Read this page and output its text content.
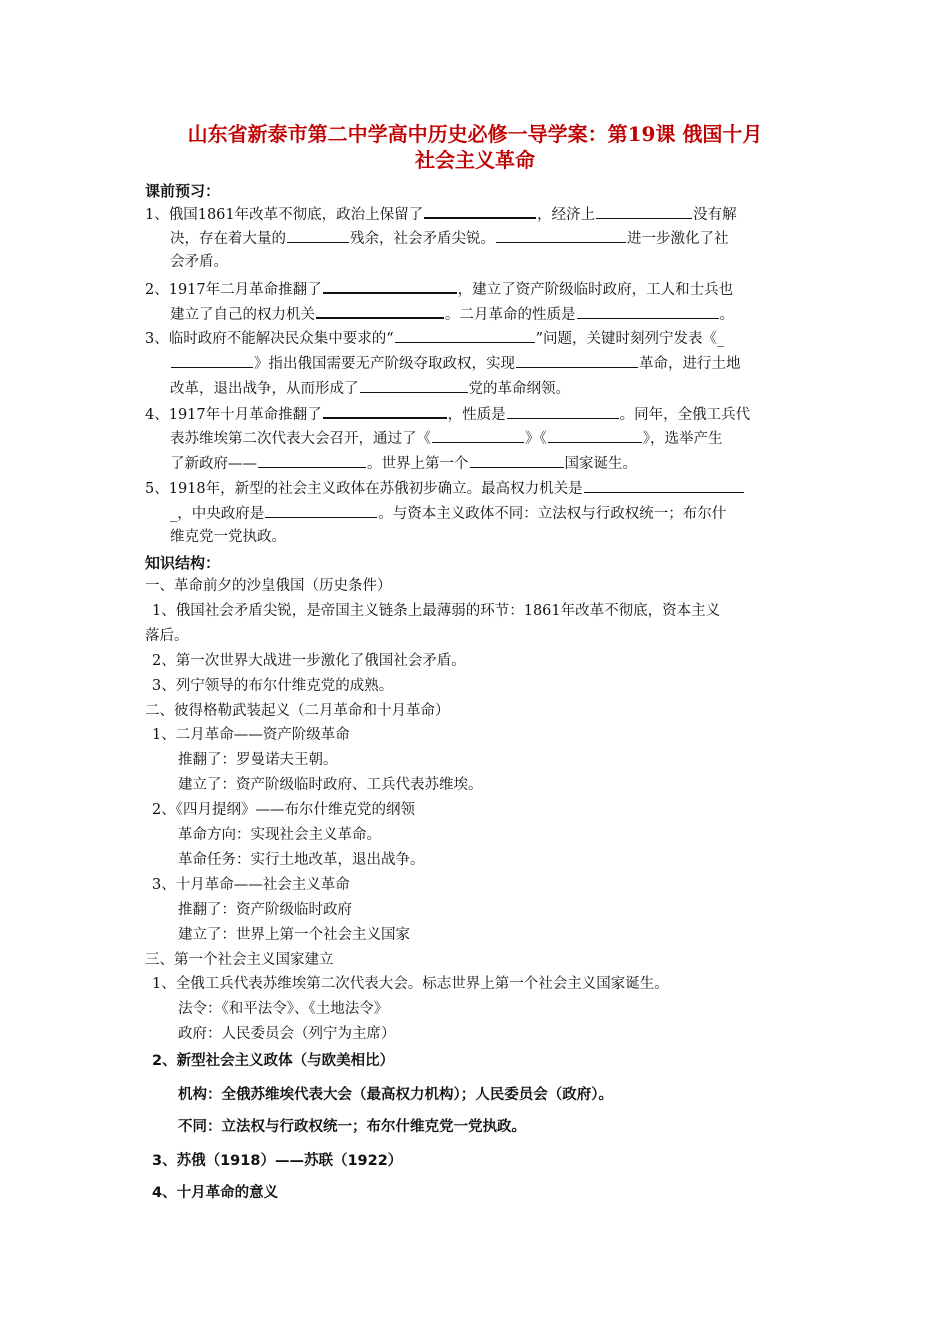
山东省新泰市第二中学高中历史必修一导学案：第19课 俄国十月
社会主义革命
课前预习：
1、俄国1861年改革不彻底，政治上保留了	，经济上	没有解
决，存在着大量的	残余，社会矛盾尖锐。	进一步激化了社
会矛盾。
2、1917年二月革命推翻了	，建立了资产阶级临时政府，工人和士兵也
建立了自己的权力机关	。二月革命的性质是	。
3、临时政府不能解决民众集中要求的“	”问题，关键时刻列宁发表《_
》指出俄国需要无产阶级夺取政权，实现	革命，进行土地
改革，退出战争，从而形成了	党的革命纲领。
4、1917年十月革命推翻了	，性质是	。同年，全俄工兵代
表苏维埃第二次代表大会召开，通过了《	》《	》，选举产生
了新政府——	。世界上第一个	国家诞生。
5、1918年，新型的社会主义政体在苏俄初步确立。最高权力机关是
_，中央政府是	。与资本主义政体不同：立法权与行政权统一；布尔什
维克党一党执政。
知识结构：
一、革命前夕的沙皇俄国（历史条件）
1、俄国社会矛盾尖锐，是帝国主义链条上最薄弱的环节：1861年改革不彻底，资本主义
落后。
2、第一次世界大战进一步激化了俄国社会矛盾。
3、列宁领导的布尔什维克党的成熟。
二、彼得格勒武装起义（二月革命和十月革命）
1、二月革命——资产阶级革命
推翻了：罗曼诺夫王朝。
建立了：资产阶级临时政府、工兵代表苏维埃。
2、《四月提纲》——布尔什维克党的纲领
革命方向：实现社会主义革命。
革命任务：实行土地改革，退出战争。
3、十月革命——社会主义革命
推翻了：资产阶级临时政府
建立了：世界上第一个社会主义国家
三、第一个社会主义国家建立
1、全俄工兵代表苏维埃第二次代表大会。标志世界上第一个社会主义国家诞生。
法令：《和平法令》、《土地法令》
政府：人民委员会（列宁为主席）
2、新型社会主义政体（与欧美相比）
机构：全俄苏维埃代表大会（最高权力机构）；人民委员会（政府）。
不同：立法权与行政权统一；布尔什维克党一党执政。
3、苏俄（1918）——苏联（1922）
4、十月革命的意义
